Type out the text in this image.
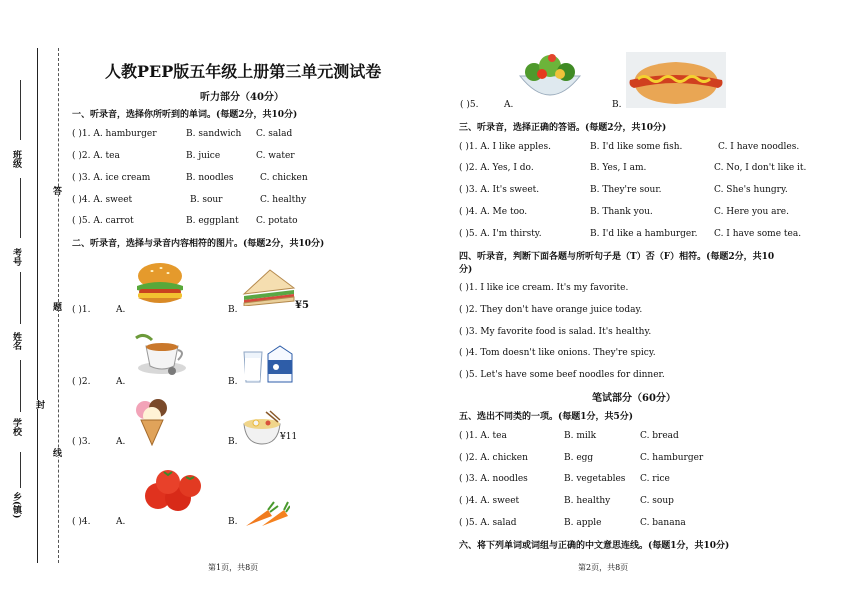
班级
考号
姓名
学校
乡(镇)
答
题
封
线
人教PEP版五年级上册第三单元测试卷
听力部分（40分）
一、听录音，选择你所听到的单词。(每题2分，共10分)
( )1. A. hamburger	B. sandwich C. salad
( )2. A. tea	B. juice	C. water
( )3. A. ice cream	B. noodles	C. chicken
( )4. A. sweet	B. sour	C. healthy
( )5. A. carrot	B. eggplant C. potato
二、听录音，选择与录音内容相符的图片。(每题2分，共10分)
( )1.	A.	B.	¥5
( )2.	A.	B.
( )3.	A.	B.	¥11
( )4.	A.	B.
第1页，共8页
( )5.	A.	B.
三、听录音，选择正确的答语。(每题2分，共10分)
( )1. A. I like apples.	B. I'd like some fish.	C. I have noodles.
( )2. A. Yes, I do.	B. Yes, I am.	C. No, I don't like it.
( )3. A. It's sweet.	B. They're sour.	C. She's hungry.
( )4. A. Me too.	B. Thank you.	C. Here you are.
( )5. A. I'm thirsty.	B. I'd like a hamburger. C. I have some tea.
四、听录音，判断下面各题与所听句子是（T）否（F）相符。(每题2分，共10
分)
( )1. I like ice cream. It's my favorite.
( )2. They don't have orange juice today.
( )3. My favorite food is salad. It's healthy.
( )4. Tom doesn't like onions. They're spicy.
( )5. Let's have some beef noodles for dinner.
笔试部分（60分）
五、选出不同类的一项。(每题1分，共5分)
( )1. A. tea	B. milk	C. bread
( )2. A. chicken	B. egg	C. hamburger
( )3. A. noodles	B. vegetables C. rice
( )4. A. sweet	B. healthy	C. soup
( )5. A. salad	B. apple	C. banana
六、将下列单词或词组与正确的中文意思连线。(每题1分，共10分)
第2页，共8页
